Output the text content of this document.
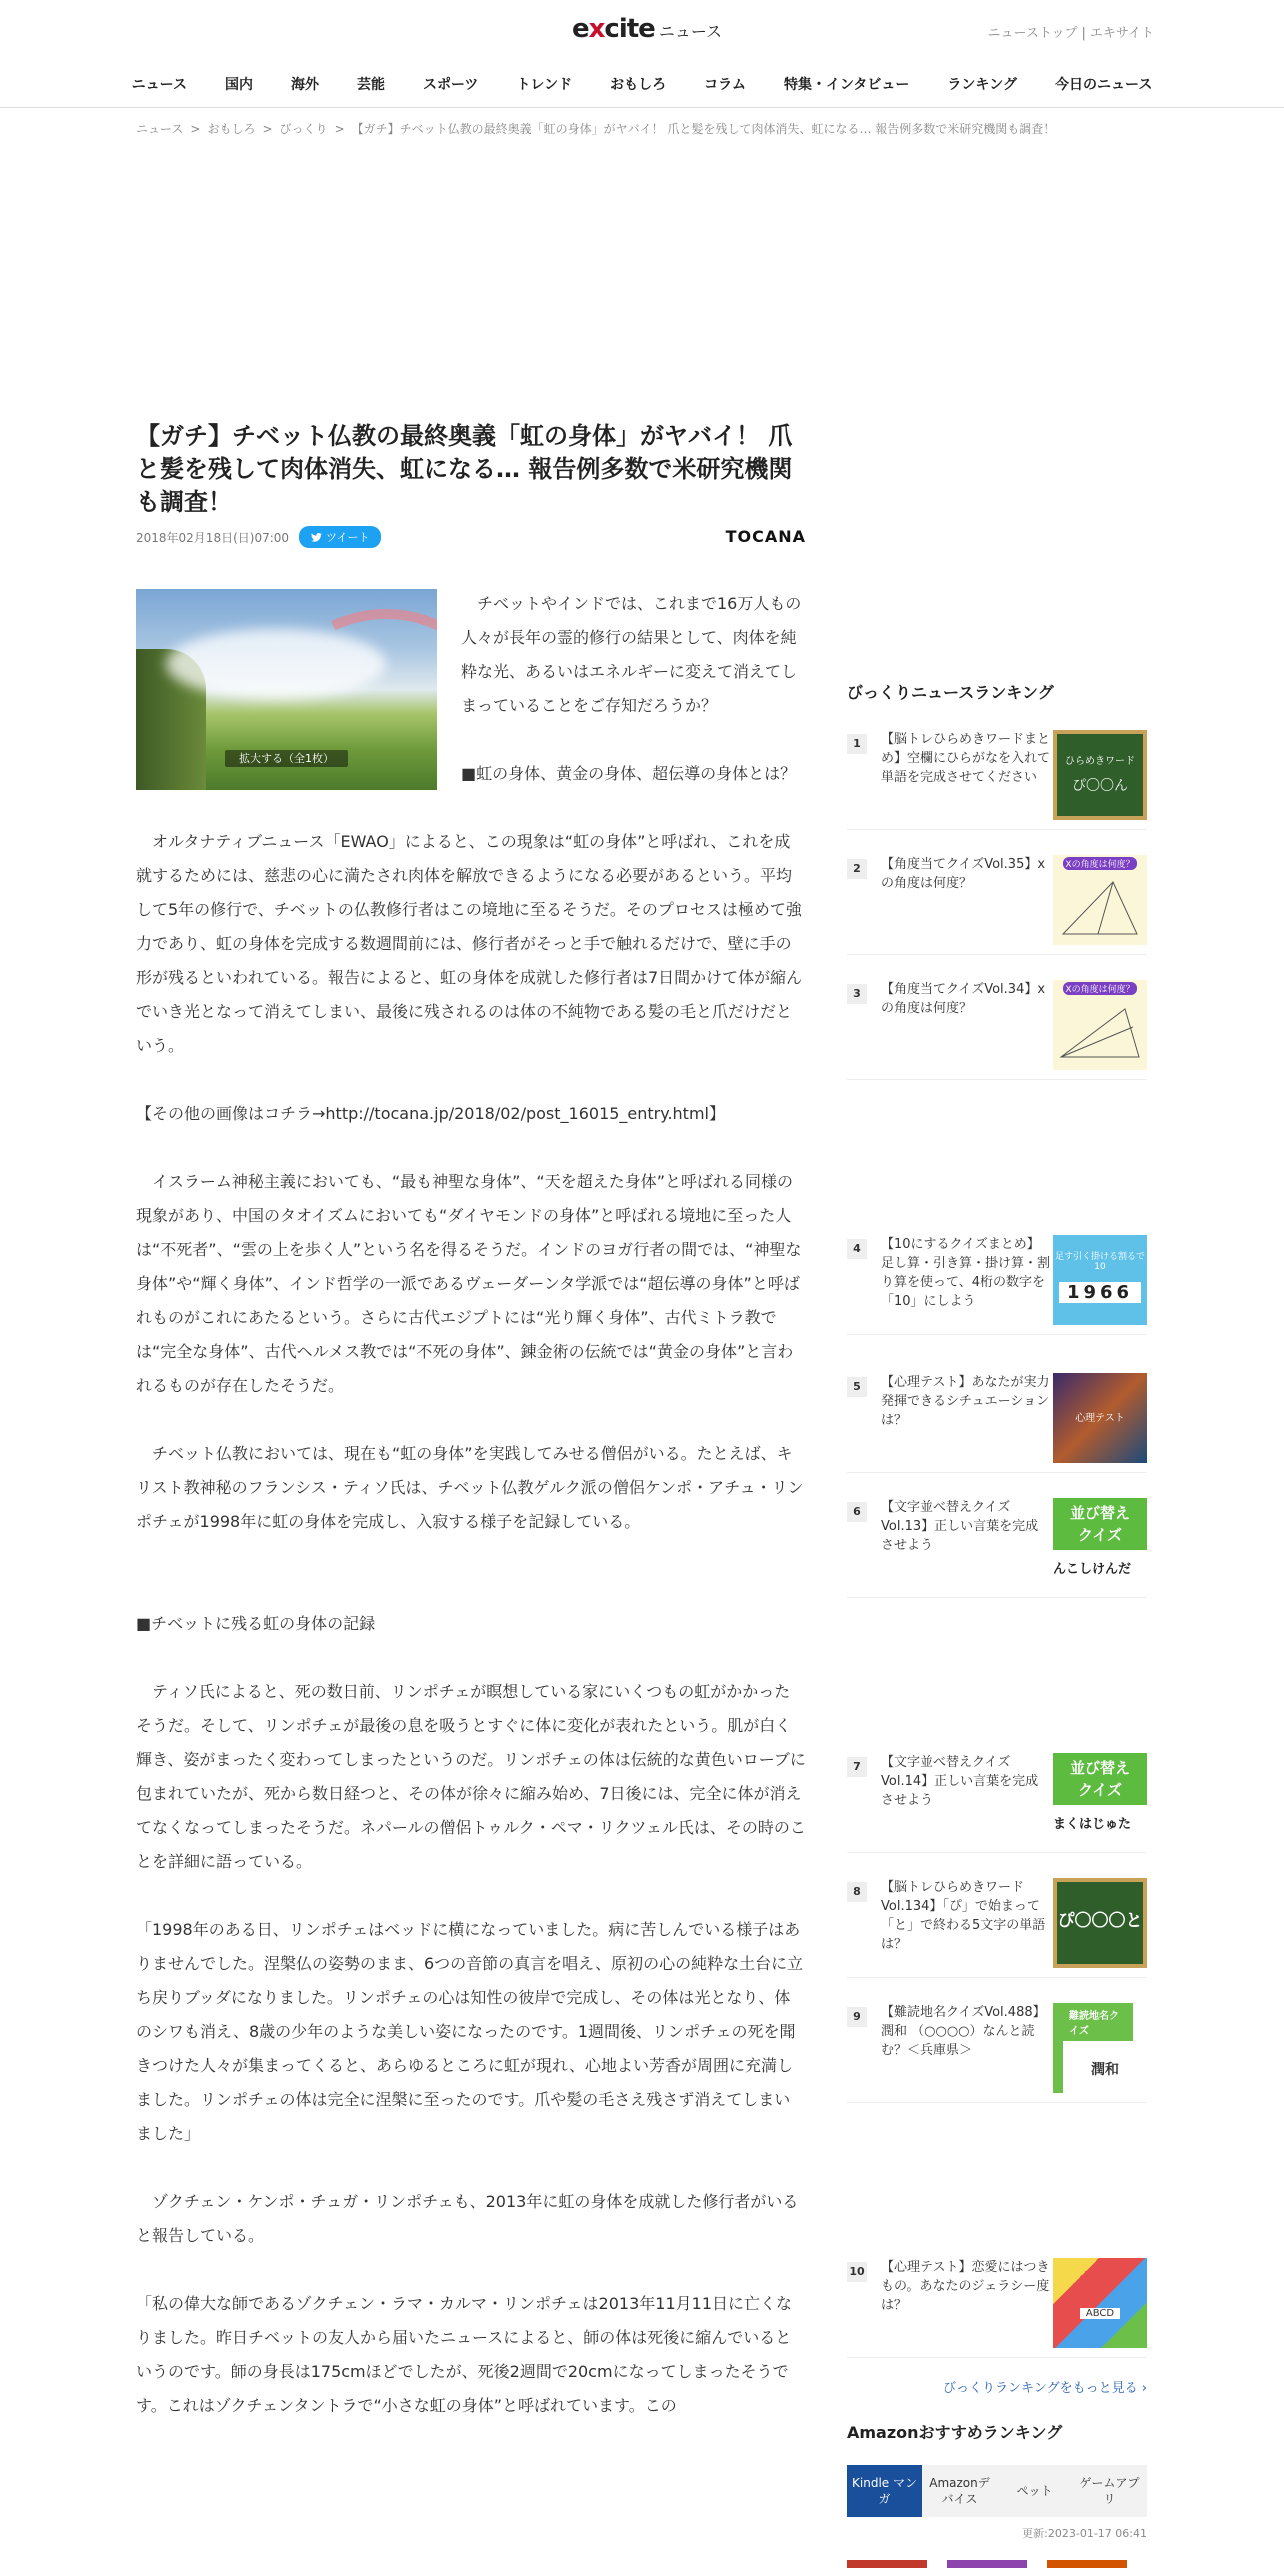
excite ニュース	ニューストップ | エキサイト
ニュース	国内	海外	芸能	スポーツ	トレンド	おもしろ	コラム	特集・インタビュー	ランキング	今日のニュース
ニュース > おもしろ > びっくり > 【ガチ】チベット仏教の最終奥義「虹の身体」がヤバイ！ 爪と髪を残して肉体消失、虹になる… 報告例多数で米研究機関も調査！
【ガチ】チベット仏教の最終奥義「虹の身体」がヤバイ！ 爪と髪を残して肉体消失、虹になる… 報告例多数で米研究機関も調査！
2018年02月18日(日)07:00	ツイート	TOCANA
拡大する（全1枚）

チベットやインドでは、これまで16万人もの人々が長年の霊的修行の結果として、肉体を純粋な光、あるいはエネルギーに変えて消えてしまっていることをご存知だろうか？

■虹の身体、黄金の身体、超伝導の身体とは？

オルタナティブニュース「EWAO」によると、この現象は“虹の身体”と呼ばれ、これを成就するためには、慈悲の心に満たされ肉体を解放できるようになる必要があるという。平均して5年の修行で、チベットの仏教修行者はこの境地に至るそうだ。そのプロセスは極めて強力であり、虹の身体を完成する数週間前には、修行者がそっと手で触れるだけで、壁に手の形が残るといわれている。報告によると、虹の身体を成就した修行者は7日間かけて体が縮んでいき光となって消えてしまい、最後に残されるのは体の不純物である髪の毛と爪だけだという。

【その他の画像はコチラ→http://tocana.jp/2018/02/post_16015_entry.html】

イスラーム神秘主義においても、“最も神聖な身体”、“天を超えた身体”と呼ばれる同様の現象があり、中国のタオイズムにおいても“ダイヤモンドの身体”と呼ばれる境地に至った人は“不死者”、“雲の上を歩く人”という名を得るそうだ。インドのヨガ行者の間では、“神聖な身体”や“輝く身体”、インド哲学の一派であるヴェーダーンタ学派では“超伝導の身体”と呼ばれものがこれにあたるという。さらに古代エジプトには“光り輝く身体”、古代ミトラ教では“完全な身体”、古代ヘルメス教では“不死の身体”、錬金術の伝統では“黄金の身体”と言われるものが存在したそうだ。

チベット仏教においては、現在も“虹の身体”を実践してみせる僧侶がいる。たとえば、キリスト教神秘のフランシス・ティソ氏は、チベット仏教ゲルク派の僧侶ケンポ・アチュ・リンポチェが1998年に虹の身体を完成し、入寂する様子を記録している。

■チベットに残る虹の身体の記録

ティソ氏によると、死の数日前、リンポチェが瞑想している家にいくつもの虹がかかったそうだ。そして、リンポチェが最後の息を吸うとすぐに体に変化が表れたという。肌が白く輝き、姿がまったく変わってしまったというのだ。リンポチェの体は伝統的な黄色いローブに包まれていたが、死から数日経つと、その体が徐々に縮み始め、7日後には、完全に体が消えてなくなってしまったそうだ。ネパールの僧侶トゥルク・ペマ・リクツェル氏は、その時のことを詳細に語っている。

「1998年のある日、リンポチェはベッドに横になっていました。病に苦しんでいる様子はありませんでした。涅槃仏の姿勢のまま、6つの音節の真言を唱え、原初の心の純粋な土台に立ち戻りブッダになりました。リンポチェの心は知性の彼岸で完成し、その体は光となり、体のシワも消え、8歳の少年のような美しい姿になったのです。1週間後、リンポチェの死を聞きつけた人々が集まってくると、あらゆるところに虹が現れ、心地よい芳香が周囲に充満しました。リンポチェの体は完全に涅槃に至ったのです。爪や髪の毛さえ残さず消えてしまいました」

ゾクチェン・ケンポ・チュガ・リンポチェも、2013年に虹の身体を成就した修行者がいると報告している。

「私の偉大な師であるゾクチェン・ラマ・カルマ・リンポチェは2013年11月11日に亡くなりました。昨日チベットの友人から届いたニュースによると、師の体は死後に縮んでいるというのです。師の身長は175cmほどでしたが、死後2週間で20cmになってしまったそうです。これはゾクチェンタントラで“小さな虹の身体”と呼ばれています。この

びっくりニュースランキング
1	【脳トレひらめきワードまとめ】空欄にひらがなを入れて単語を完成させてください
ひらめきワード
ぴ〇〇ん
2	【角度当てクイズVol.35】xの角度は何度？
Xの角度は何度？
3	【角度当てクイズVol.34】xの角度は何度？
Xの角度は何度？
4	【10にするクイズまとめ】足し算・引き算・掛け算・割り算を使って、4桁の数字を「10」にしよう
足す引く掛ける割るで10
1966
5	【心理テスト】あなたが実力発揮できるシチュエーションは？	心理テスト
6	【文字並べ替えクイズVol.13】正しい言葉を完成させよう
並び替え
クイズ
んこしけんだ
7	【文字並べ替えクイズVol.14】正しい言葉を完成させよう
並び替え
クイズ
まくはじゅた
8	【脳トレひらめきワードVol.134】「ぴ」で始まって「と」で終わる5文字の単語は？
ぴ〇〇〇と
9	【難読地名クイズVol.488】潤和 （○○○○）なんと読む？＜兵庫県＞
難読地名クイズ
潤和
10 【心理テスト】恋愛にはつきもの。あなたのジェラシー度は？
ABCD
びっくりランキングをもっと見る ›
Amazonおすすめランキング
Kindle マンガ
Amazonデバイス
ペット
ゲームアプリ
更新:2023-01-17 06:41
